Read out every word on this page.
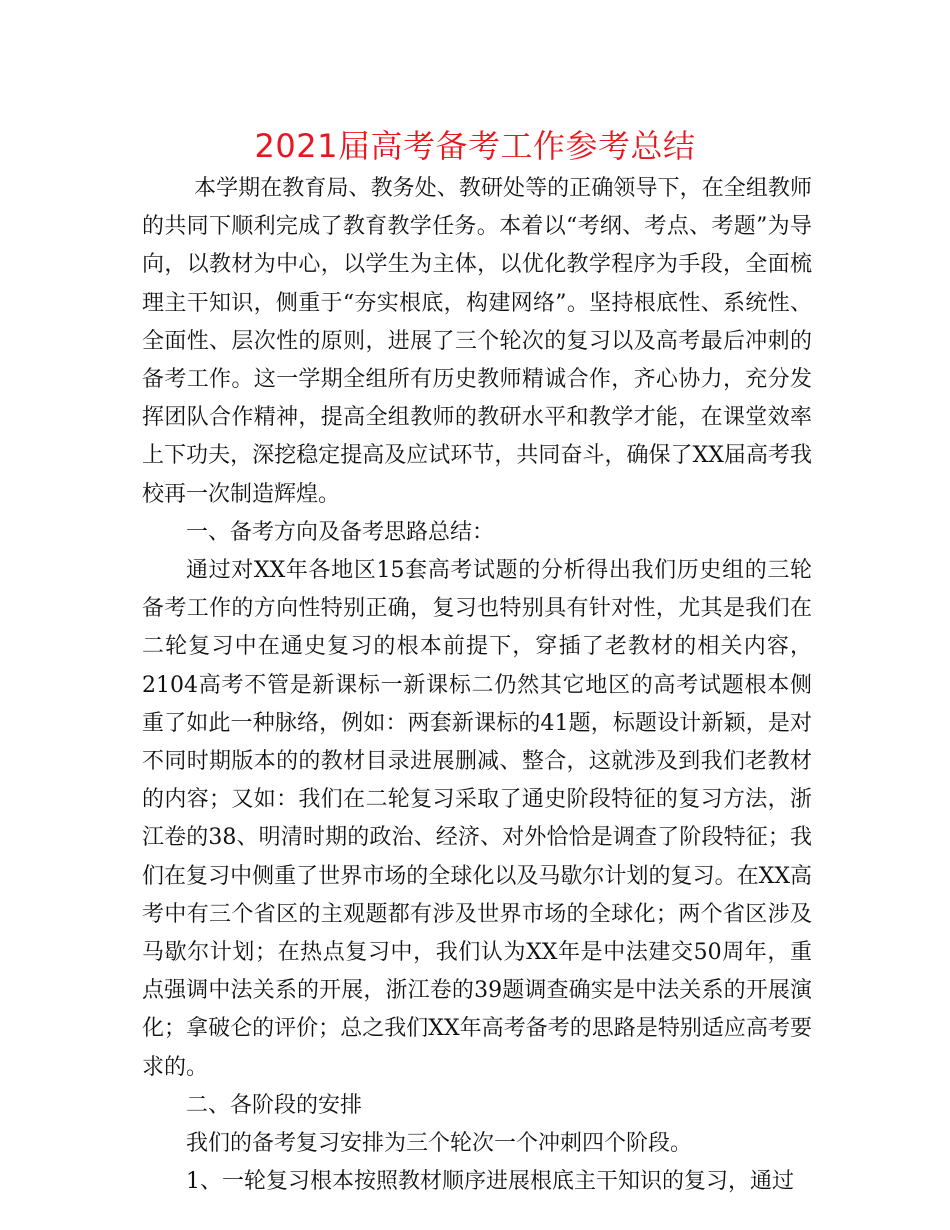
2021届高考备考工作参考总结

本学期在教育局、教务处、教研处等的正确领导下，在全组教师的共同下顺利完成了教育教学任务。本着以“考纲、考点、考题”为导向，以教材为中心，以学生为主体，以优化教学程序为手段，全面梳理主干知识，侧重于“夯实根底，构建网络”。坚持根底性、系统性、全面性、层次性的原则，进展了三个轮次的复习以及高考最后冲刺的备考工作。这一学期全组所有历史教师精诚合作，齐心协力，充分发挥团队合作精神，提高全组教师的教研水平和教学才能，在课堂效率上下功夫，深挖稳定提高及应试环节，共同奋斗，确保了XX届高考我校再一次制造辉煌。

一、备考方向及备考思路总结：

通过对XX年各地区15套高考试题的分析得出我们历史组的三轮备考工作的方向性特别正确，复习也特别具有针对性，尤其是我们在二轮复习中在通史复习的根本前提下，穿插了老教材的相关内容，2104高考不管是新课标一新课标二仍然其它地区的高考试题根本侧重了如此一种脉络，例如：两套新课标的41题，标题设计新颖，是对不同时期版本的的教材目录进展删减、整合，这就涉及到我们老教材的内容；又如：我们在二轮复习采取了通史阶段特征的复习方法，浙江卷的38、明清时期的政治、经济、对外恰恰是调查了阶段特征；我们在复习中侧重了世界市场的全球化以及马歇尔计划的复习。在XX高考中有三个省区的主观题都有涉及世界市场的全球化；两个省区涉及马歇尔计划；在热点复习中，我们认为XX年是中法建交50周年，重点强调中法关系的开展，浙江卷的39题调查确实是中法关系的开展演化；拿破仑的评价；总之我们XX年高考备考的思路是特别适应高考要求的。

二、各阶段的安排

我们的备考复习安排为三个轮次一个冲刺四个阶段。

1、一轮复习根本按照教材顺序进展根底主干知识的复习，通过
